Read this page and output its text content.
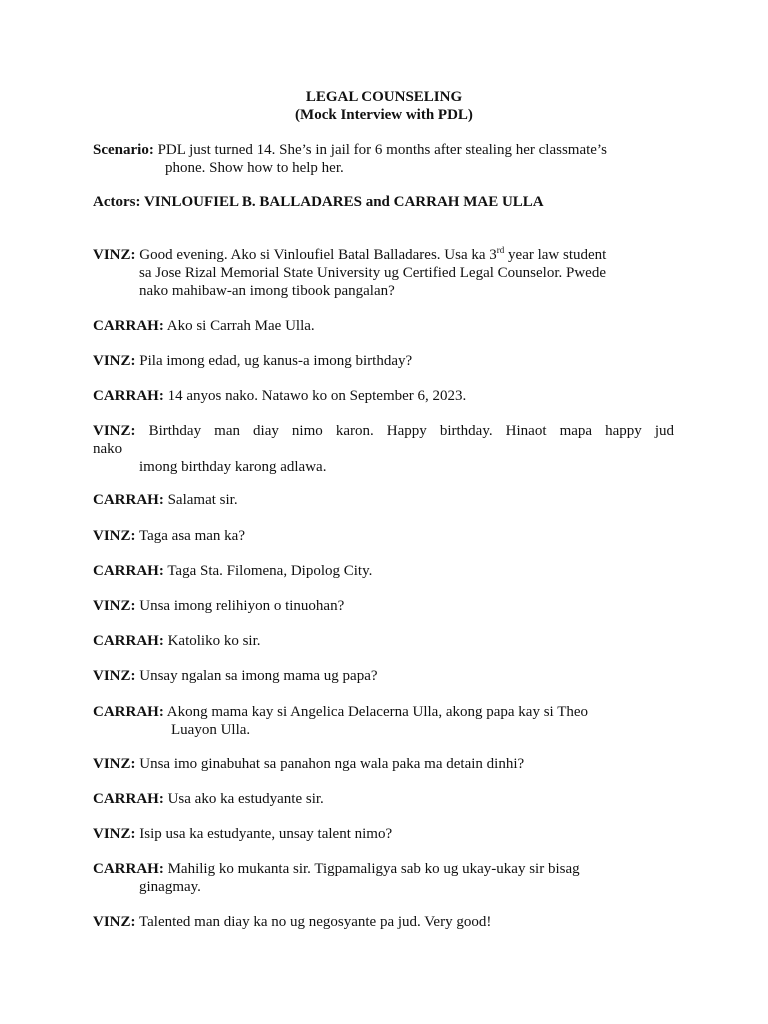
LEGAL COUNSELING
(Mock Interview with PDL)
Scenario: PDL just turned 14. She’s in jail for 6 months after stealing her classmate’s
phone. Show how to help her.
Actors: VINLOUFIEL B. BALLADARES and CARRAH MAE ULLA
VINZ: Good evening. Ako si Vinloufiel Batal Balladares. Usa ka 3rd year law student
sa Jose Rizal Memorial State University ug Certified Legal Counselor. Pwede
nako mahibaw-an imong tibook pangalan?
CARRAH: Ako si Carrah Mae Ulla.
VINZ: Pila imong edad, ug kanus-a imong birthday?
CARRAH: 14 anyos nako. Natawo ko on September 6, 2023.
VINZ: Birthday man diay nimo karon. Happy birthday. Hinaot mapa happy jud
nako
imong birthday karong adlawa.
CARRAH: Salamat sir.
VINZ: Taga asa man ka?
CARRAH: Taga Sta. Filomena, Dipolog City.
VINZ: Unsa imong relihiyon o tinuohan?
CARRAH: Katoliko ko sir.
VINZ: Unsay ngalan sa imong mama ug papa?
CARRAH: Akong mama kay si Angelica Delacerna Ulla, akong papa kay si Theo
Luayon Ulla.
VINZ: Unsa imo ginabuhat sa panahon nga wala paka ma detain dinhi?
CARRAH: Usa ako ka estudyante sir.
VINZ: Isip usa ka estudyante, unsay talent nimo?
CARRAH: Mahilig ko mukanta sir. Tigpamaligya sab ko ug ukay-ukay sir bisag
ginagmay.
VINZ: Talented man diay ka no ug negosyante pa jud. Very good!
